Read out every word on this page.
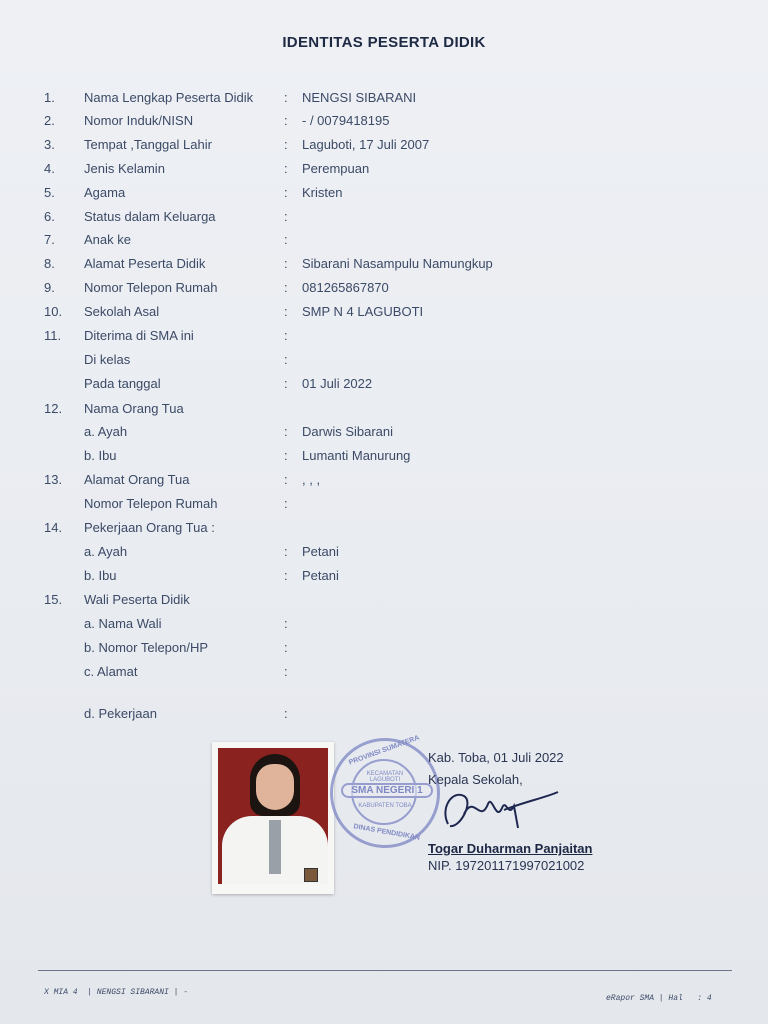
IDENTITAS PESERTA DIDIK
1. Nama Lengkap Peserta Didik : NENGSI SIBARANI
2. Nomor Induk/NISN	: - / 0079418195
3. Tempat ,Tanggal Lahir	: Laguboti, 17 Juli 2007
4. Jenis Kelamin	: Perempuan
5. Agama	: Kristen
6. Status dalam Keluarga	:
7. Anak ke	:
8. Alamat Peserta Didik	: Sibarani Nasampulu Namungkup
9. Nomor Telepon Rumah	: 081265867870
10. Sekolah Asal	: SMP N 4 LAGUBOTI
11. Diterima di SMA ini	:
Di kelas	:
Pada tanggal	: 01 Juli 2022
12. Nama Orang Tua
a. Ayah	: Darwis Sibarani
b. Ibu	: Lumanti Manurung
13. Alamat Orang Tua	: , , ,
Nomor Telepon Rumah	:
14. Pekerjaan Orang Tua :
a. Ayah	: Petani
b. Ibu	: Petani
15. Wali Peserta Didik
a. Nama Wali	:
b. Nomor Telepon/HP	:
c. Alamat	:
d. Pekerjaan	:
PROVINSI SUMATERA
KECAMATAN LAGUBOTI
SMA NEGERI 1
KABUPATEN TOBA
DINAS PENDIDIKAN
Kab. Toba, 01 Juli 2022
Kepala Sekolah,
Togar Duharman Panjaitan
NIP. 197201171997021002
X MIA 4  | NENGSI SIBARANI | -
eRapor SMA | Hal   : 4
